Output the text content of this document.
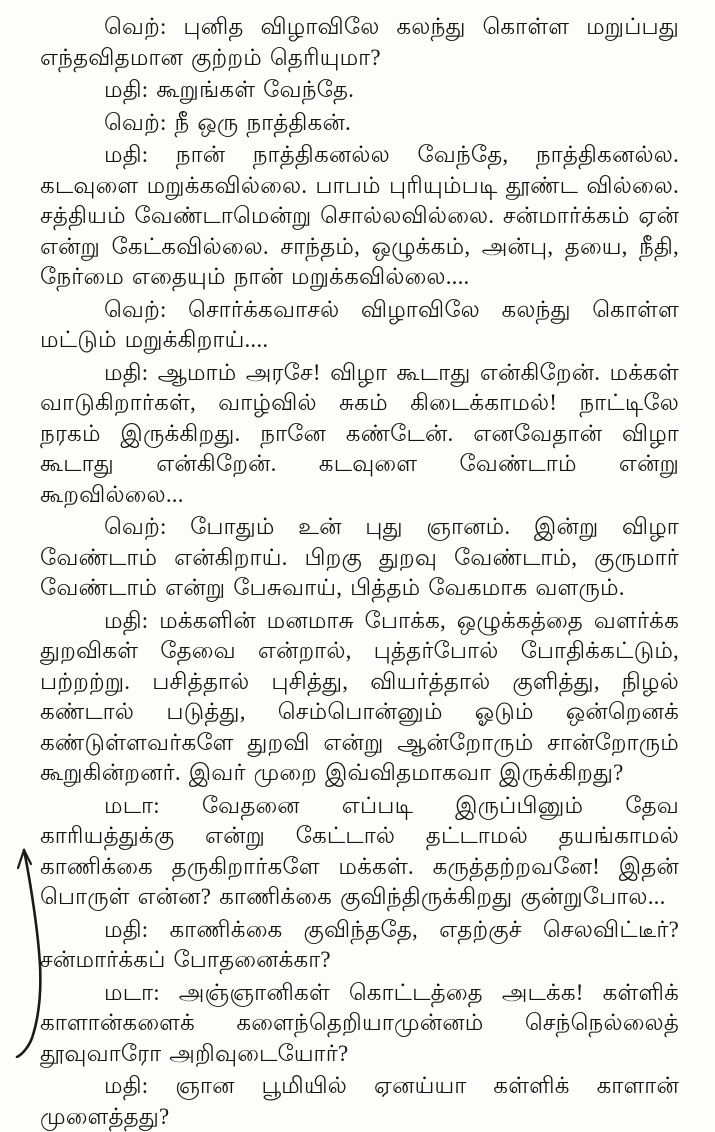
வெற்: புனித விழாவிலே கலந்து கொள்ள மறுப்பது எந்தவிதமான குற்றம் தெரியுமா?

மதி: கூறுங்கள் வேந்தே.

வெற்: நீ ஒரு நாத்திகன்.

மதி: நான் நாத்திகனல்ல வேந்தே, நாத்திகனல்ல. கடவுளை மறுக்கவில்லை. பாபம் புரியும்படி தூண்ட வில்லை. சத்தியம் வேண்டாமென்று சொல்லவில்லை. சன்மார்க்கம் ஏன் என்று கேட்கவில்லை. சாந்தம், ஒழுக்கம், அன்பு, தயை, நீதி, நேர்மை எதையும் நான் மறுக்கவில்லை....

வெற்: சொர்க்கவாசல் விழாவிலே கலந்து கொள்ள மட்டும் மறுக்கிறாய்....

மதி: ஆமாம் அரசே! விழா கூடாது என்கிறேன். மக்கள் வாடுகிறார்கள், வாழ்வில் சுகம் கிடைக்காமல்! நாட்டிலே நரகம் இருக்கிறது. நானே கண்டேன். எனவேதான் விழா கூடாது என்கிறேன். கடவுளை வேண்டாம் என்று கூறவில்லை...

வெற்: போதும் உன் புது ஞானம். இன்று விழா வேண்டாம் என்கிறாய். பிறகு துறவு வேண்டாம், குருமார் வேண்டாம் என்று பேசுவாய், பித்தம் வேகமாக வளரும்.

மதி: மக்களின் மனமாசு போக்க, ஒழுக்கத்தை வளர்க்க துறவிகள் தேவை என்றால், புத்தர்போல் போதிக்கட்டும், பற்றற்று. பசித்தால் புசித்து, வியர்த்தால் குளித்து, நிழல் கண்டால் படுத்து, செம்பொன்னும் ஓடும் ஒன்றெனக் கண்டுள்ளவர்களே துறவி என்று ஆன்றோரும் சான்றோரும் கூறுகின்றனர். இவர் முறை இவ்விதமாகவா இருக்கிறது?

மடா: வேதனை எப்படி இருப்பினும் தேவ காரியத்துக்கு என்று கேட்டால் தட்டாமல் தயங்காமல் காணிக்கை தருகிறார்களே மக்கள். கருத்தற்றவனே! இதன் பொருள் என்ன? காணிக்கை குவிந்திருக்கிறது குன்றுபோல...

மதி: காணிக்கை குவிந்ததே, எதற்குச் செலவிட்டீர்? சன்மார்க்கப் போதனைக்கா?

மடா: அஞ்ஞானிகள் கொட்டத்தை அடக்க! கள்ளிக் காளான்களைக் களைந்தெறியாமுன்னம் செந்நெல்லைத் தூவுவாரோ அறிவுடையோர்?

மதி: ஞான பூமியில் ஏனய்யா கள்ளிக் காளான் முளைத்தது?
